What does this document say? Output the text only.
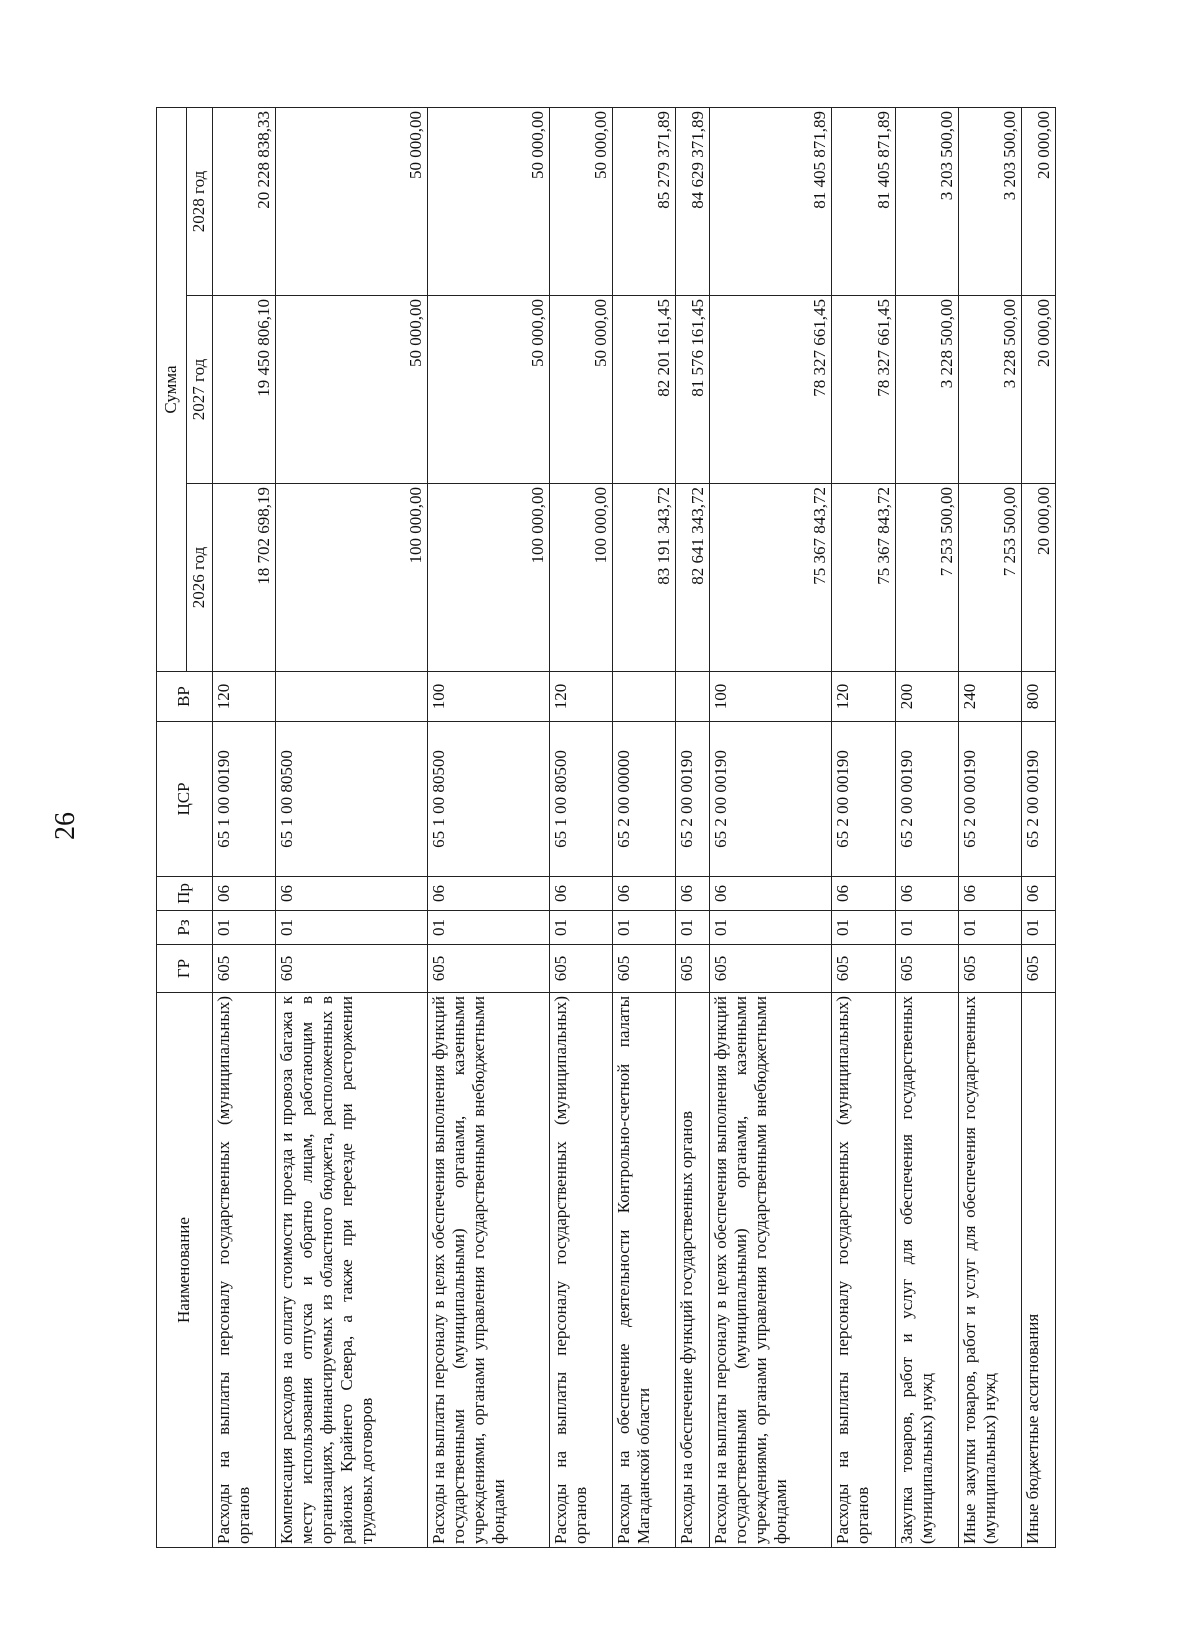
26
Наименование	ГР	Рз	Пр	ЦСР	ВР	Сумма		
						2026 год	2027 год	2028 год

Расходы на выплаты персоналу государственных (муниципальных) органов	605	01	06	65 1 00 00190	120	18 702 698,19	19 450 806,10	20 228 838,33

Компенсация расходов на оплату стоимости проезда и провоза багажа к месту использования отпуска и обратно лицам, работающим в организациях, финансируемых из областного бюджета, расположенных в районах Крайнего Севера, а также при переезде при расторжении трудовых договоров	605	01	06	65 1 00 80500		100 000,00	50 000,00	50 000,00

Расходы на выплаты персоналу в целях обеспечения выполнения функций государственными (муниципальными) органами, казенными учреждениями, органами управления государственными внебюджетными фондами	605	01	06	65 1 00 80500	100	100 000,00	50 000,00	50 000,00

Расходы на выплаты персоналу государственных (муниципальных) органов	605	01	06	65 1 00 80500	120	100 000,00	50 000,00	50 000,00

Расходы на обеспечение деятельности Контрольно-счетной палаты Магаданской области	605	01	06	65 2 00 00000		83 191 343,72	82 201 161,45	85 279 371,89

Расходы на обеспечение функций государственных органов	605	01	06	65 2 00 00190		82 641 343,72	81 576 161,45	84 629 371,89

Расходы на выплаты персоналу в целях обеспечения выполнения функций государственными (муниципальными) органами, казенными учреждениями, органами управления государственными внебюджетными фондами	605	01	06	65 2 00 00190	100	75 367 843,72	78 327 661,45	81 405 871,89

Расходы на выплаты персоналу государственных (муниципальных) органов	605	01	06	65 2 00 00190	120	75 367 843,72	78 327 661,45	81 405 871,89

Закупка товаров, работ и услуг для обеспечения государственных (муниципальных) нужд	605	01	06	65 2 00 00190	200	7 253 500,00	3 228 500,00	3 203 500,00

Иные закупки товаров, работ и услуг для обеспечения государственных (муниципальных) нужд	605	01	06	65 2 00 00190	240	7 253 500,00	3 228 500,00	3 203 500,00

Иные бюджетные ассигнования	605	01	06	65 2 00 00190	800	20 000,00	20 000,00	20 000,00
